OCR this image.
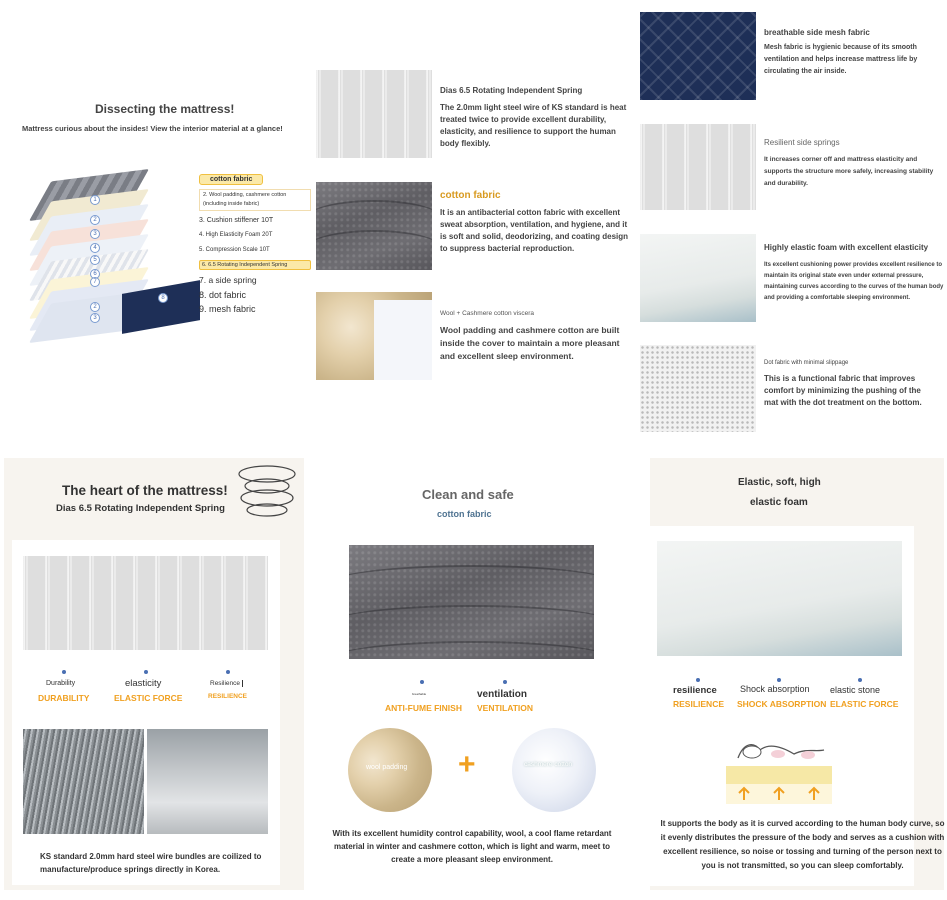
Dissecting the mattress!
Mattress curious about the insides! View the interior material at a glance!
1
2
3
4
5
6
7
2
3
8
cotton fabric
2. Wool padding, cashmere cotton (including inside fabric)
3. Cushion stiffener 10T
4. High Elasticity Foam 20T
5. Compression Scale 10T
6. 6.5 Rotating Independent Spring
7. a side spring
8. dot fabric
9. mesh fabric
Dias 6.5 Rotating Independent Spring
The 2.0mm light steel wire of KS standard is heat treated twice to provide excellent durability, elasticity, and resilience to support the human body flexibly.
cotton fabric
It is an antibacterial cotton fabric with excellent sweat absorption, ventilation, and hygiene, and it is soft and solid, deodorizing, and coating design to suppress bacterial reproduction.
Wool + Cashmere cotton viscera
Wool padding and cashmere cotton are built inside the cover to maintain a more pleasant and excellent sleep environment.
breathable side mesh fabric
Mesh fabric is hygienic because of its smooth ventilation and helps increase mattress life by circulating the air inside.
Resilient side springs
It increases corner off and mattress elasticity and supports the structure more safely, increasing stability and durability.
Highly elastic foam with excellent elasticity
Its excellent cushioning power provides excellent resilience to maintain its original state even under external pressure, maintaining curves according to the curves of the human body and providing a comfortable sleeping environment.
Dot fabric with minimal slippage
This is a functional fabric that improves comfort by minimizing the pushing of the mat with the dot treatment on the bottom.
The heart of the mattress!
Dias 6.5 Rotating Independent Spring
Durability	elasticity	Resilience
DURABILITY	ELASTIC FORCE	RESILIENCE
KS standard 2.0mm hard steel wire bundles are coilized to manufacture/produce springs directly in Korea.
Clean and safe
cotton fabric
breathable	ventilation
ANTI-FUME FINISH VENTILATION
wool padding +	cashmere cotton
With its excellent humidity control capability, wool, a cool flame retardant material in winter and cashmere cotton, which is light and warm, meet to create a more pleasant sleep environment.
Elastic, soft, high
elastic foam
resilience	Shock absorption elastic stone
RESILIENCE SHOCK ABSORPTION ELASTIC FORCE
It supports the body as it is curved according to the human body curve, so it evenly distributes the pressure of the body and serves as a cushion with excellent resilience, so noise or tossing and turning of the person next to you is not transmitted, so you can sleep comfortably.
